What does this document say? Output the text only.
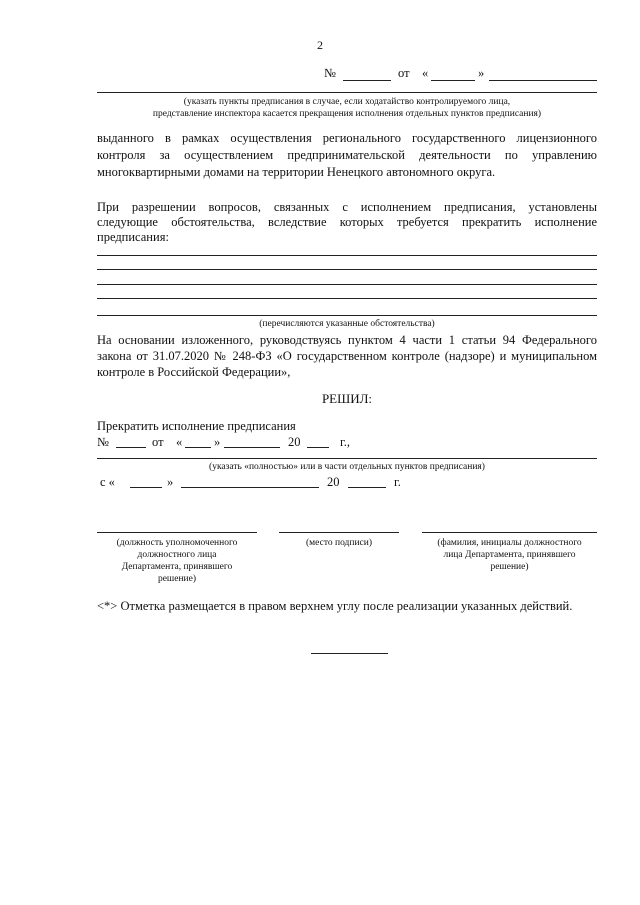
2
№	от «	»
(указать пункты предписания в случае, если ходатайство контролируемого лица,
представление инспектора касается прекращения исполнения отдельных пунктов предписания)
выданного в рамках осуществления регионального государственного лицензионного
контроля за осуществлением предпринимательской деятельности по управлению
многоквартирными домами на территории Ненецкого автономного округа.
При разрешении вопросов, связанных с исполнением предписания, установлены
следующие обстоятельства, вследствие которых требуется прекратить исполнение
предписания:
(перечисляются указанные обстоятельства)
На основании изложенного, руководствуясь пунктом 4 части 1 статьи 94 Федерального
закона от 31.07.2020 № 248-ФЗ «О государственном контроле (надзоре) и муниципальном
контроле в Российской Федерации»,
РЕШИЛ:
Прекратить исполнение предписания
№	от «	»	20	г.,
(указать «полностью» или в части отдельных пунктов предписания)
с «	»	20	г.
(должность уполномоченного
должностного лица
Департамента, принявшего
решение)
(место подписи)	(фамилия, инициалы должностного
лица Департамента, принявшего
решение)
<*> Отметка размещается в правом верхнем углу после реализации указанных действий.
